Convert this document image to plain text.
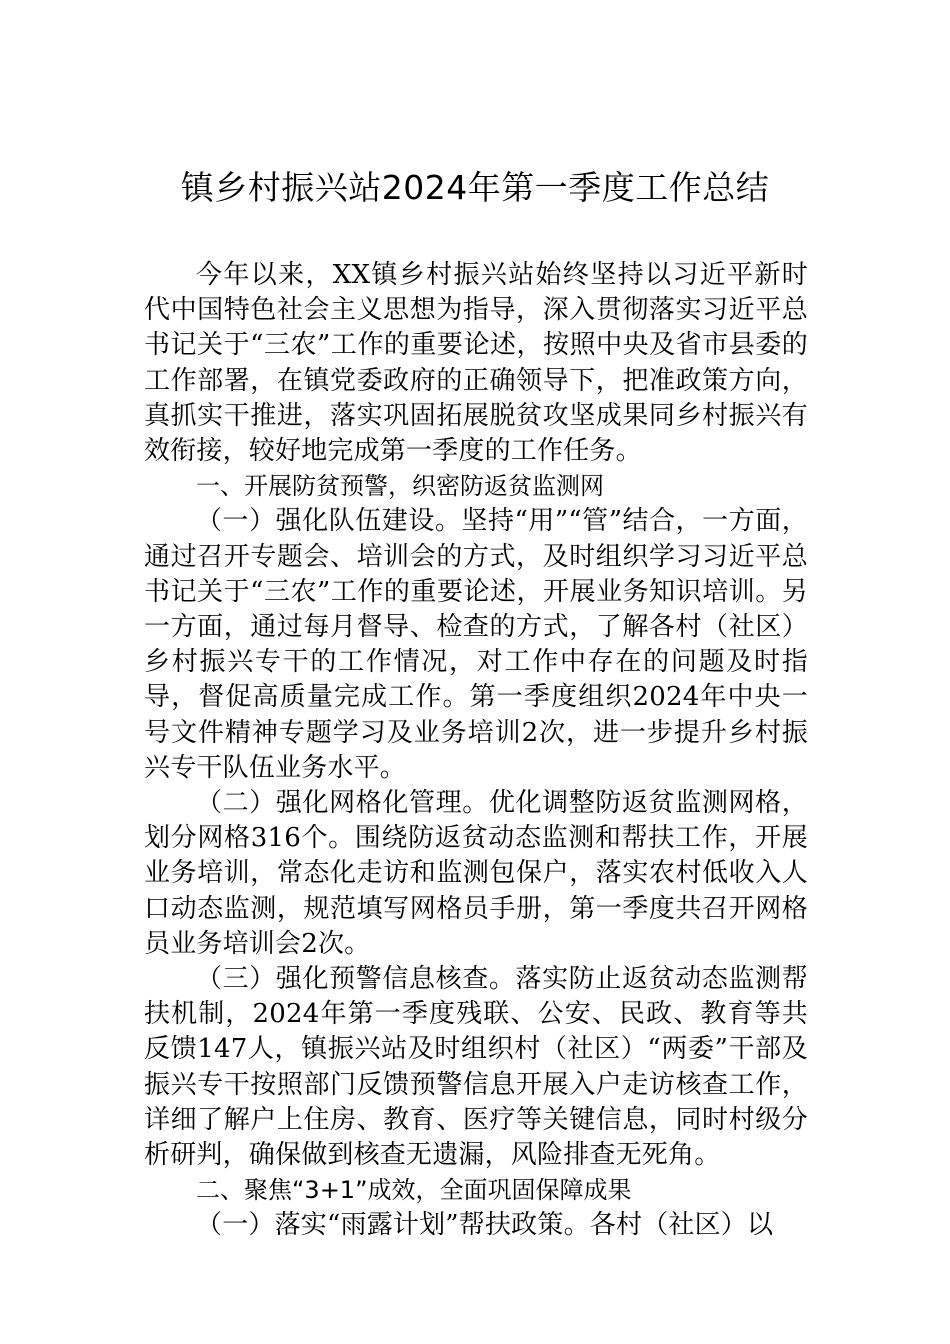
镇乡村振兴站2024年第一季度工作总结

今年以来，XX镇乡村振兴站始终坚持以习近平新时代中国特色社会主义思想为指导，深入贯彻落实习近平总书记关于“三农”工作的重要论述，按照中央及省市县委的工作部署，在镇党委政府的正确领导下，把准政策方向，真抓实干推进，落实巩固拓展脱贫攻坚成果同乡村振兴有效衔接，较好地完成第一季度的工作任务。

一、开展防贫预警，织密防返贫监测网

（一）强化队伍建设。坚持“用”“管”结合，一方面，通过召开专题会、培训会的方式，及时组织学习习近平总书记关于“三农”工作的重要论述，开展业务知识培训。另一方面，通过每月督导、检查的方式，了解各村（社区）乡村振兴专干的工作情况，对工作中存在的问题及时指导，督促高质量完成工作。第一季度组织2024年中央一号文件精神专题学习及业务培训2次，进一步提升乡村振兴专干队伍业务水平。

（二）强化网格化管理。优化调整防返贫监测网格，划分网格316个。围绕防返贫动态监测和帮扶工作，开展业务培训，常态化走访和监测包保户，落实农村低收入人口动态监测，规范填写网格员手册，第一季度共召开网格员业务培训会2次。

（三）强化预警信息核查。落实防止返贫动态监测帮扶机制，2024年第一季度残联、公安、民政、教育等共反馈147人，镇振兴站及时组织村（社区）“两委”干部及振兴专干按照部门反馈预警信息开展入户走访核查工作，详细了解户上住房、教育、医疗等关键信息，同时村级分析研判，确保做到核查无遗漏，风险排查无死角。

二、聚焦“3+1”成效，全面巩固保障成果

（一）落实“雨露计划”帮扶政策。各村（社区）以
